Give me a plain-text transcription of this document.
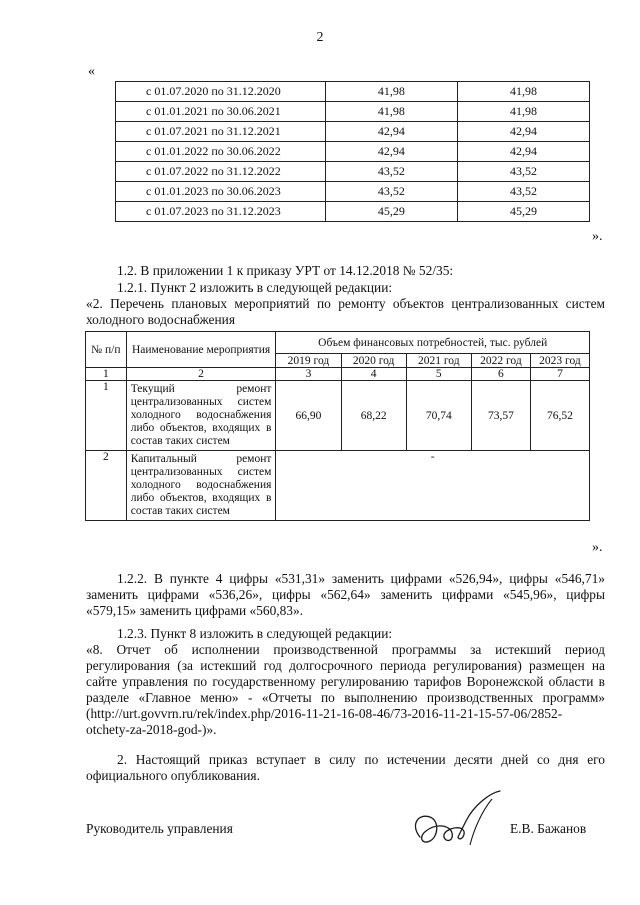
2
«
с 01.07.2020 по 31.12.2020	41,98	41,98
с 01.01.2021 по 30.06.2021	41,98	41,98
с 01.07.2021 по 31.12.2021	42,94	42,94
с 01.01.2022 по 30.06.2022	42,94	42,94
с 01.07.2022 по 31.12.2022	43,52	43,52
с 01.01.2023 по 30.06.2023	43,52	43,52
с 01.07.2023 по 31.12.2023	45,29	45,29
».
1.2. В приложении 1 к приказу УРТ от 14.12.2018 № 52/35:
1.2.1. Пункт 2 изложить в следующей редакции:
«2. Перечень плановых мероприятий по ремонту объектов централизованных систем холодного водоснабжения
№ п/п	Наименование мероприятия	Объем финансовых потребностей, тыс. рублей				
		2019 год	2020 год	2021 год	2022 год	2023 год
1	2	3	4	5	6	7
1	Текущий ремонт централизованных систем холодного водоснабжения либо объектов, входящих в состав таких систем	66,90	68,22	70,74	73,57	76,52
2	Капитальный ремонт централизованных систем холодного водоснабжения либо объектов, входящих в состав таких систем	-				
».
1.2.2. В пункте 4 цифры «531,31» заменить цифрами «526,94», цифры «546,71» заменить цифрами «536,26», цифры «562,64» заменить цифрами «545,96», цифры «579,15» заменить цифрами «560,83».
1.2.3. Пункт 8 изложить в следующей редакции:
«8. Отчет об исполнении производственной программы за истекший период регулирования (за истекший год долгосрочного периода регулирования) размещен на сайте управления по государственному регулированию тарифов Воронежской области в разделе «Главное меню» - «Отчеты по выполнению производственных программ» (http://urt.govvrn.ru/rek/index.php/2016-11-21-16-08-46/73-2016-11-21-15-57-06/2852-otchety-za-2018-god-)».
2. Настоящий приказ вступает в силу по истечении десяти дней со дня его официального опубликования.
Руководитель управления	Е.В. Бажанов
